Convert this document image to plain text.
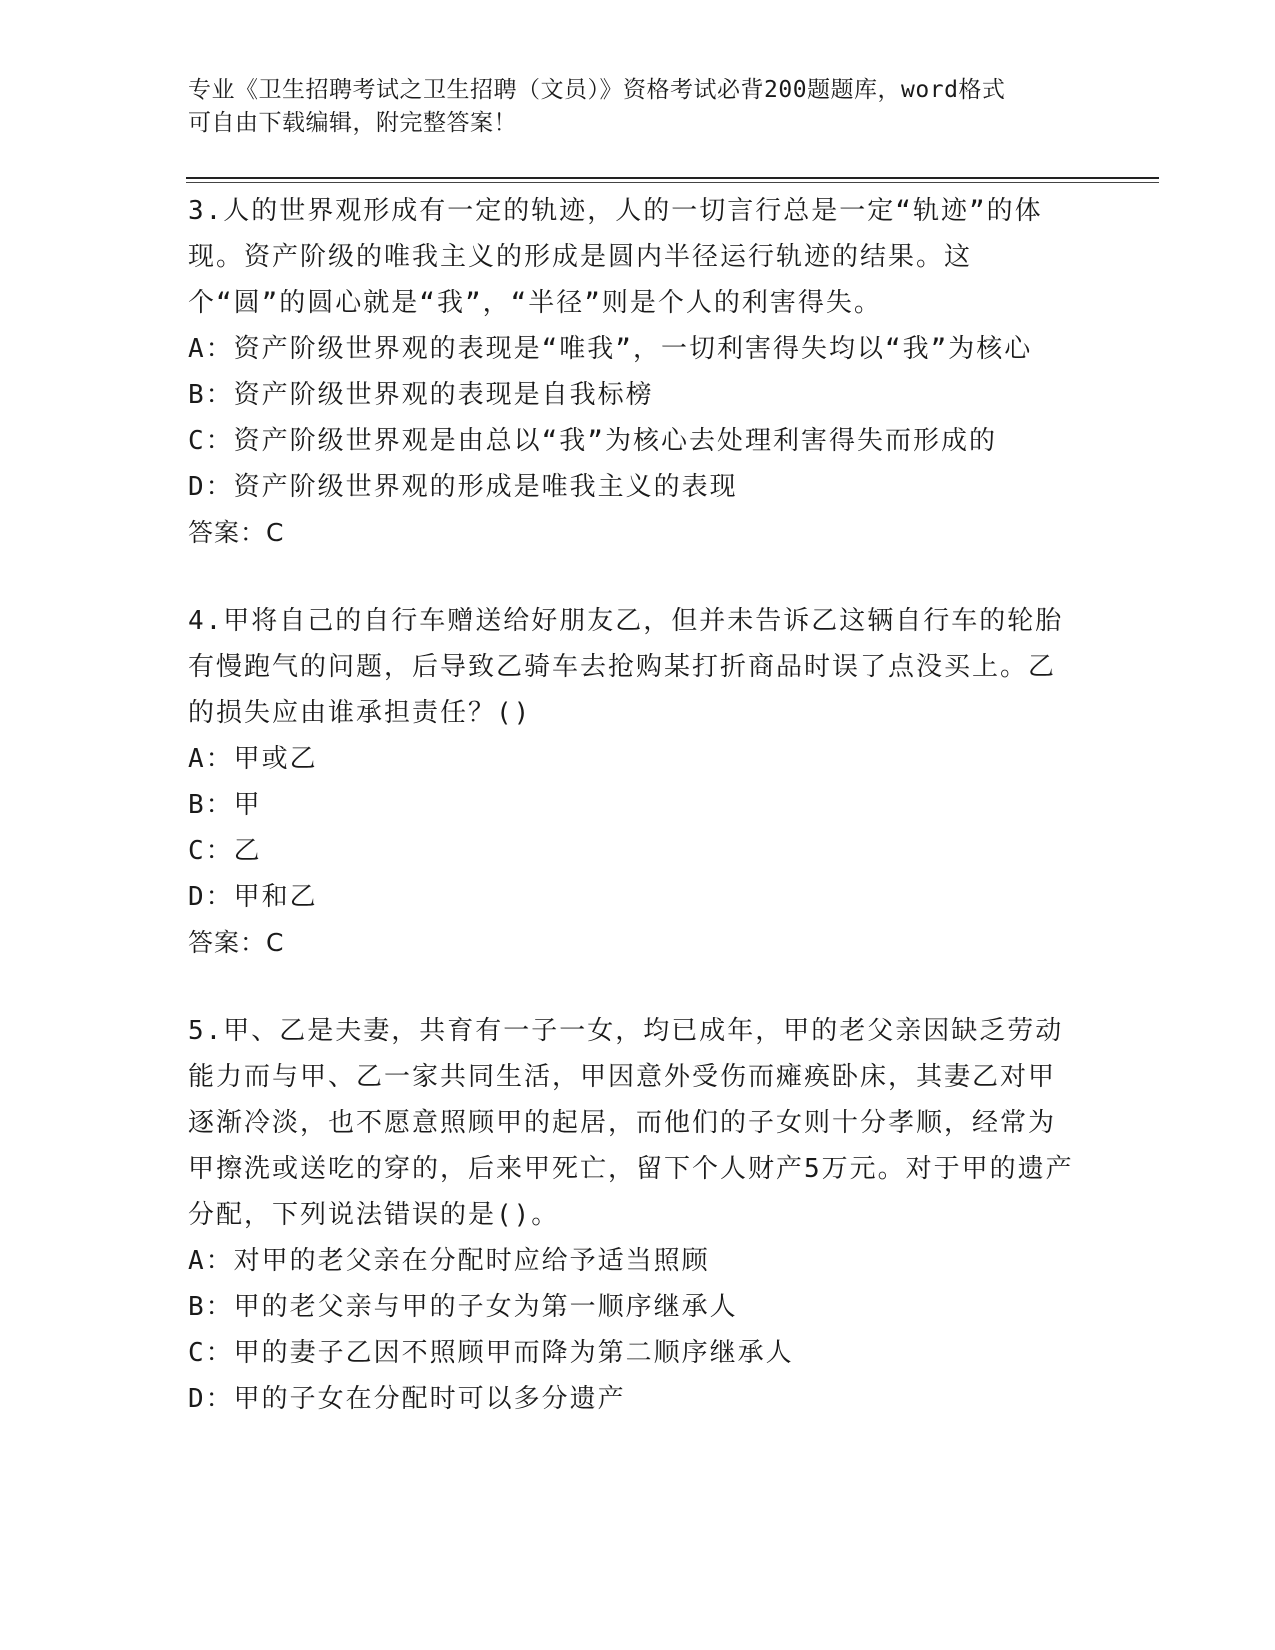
专业《卫生招聘考试之卫生招聘（文员）》资格考试必背200题题库，word格式
可自由下载编辑，附完整答案！
3.人的世界观形成有一定的轨迹，人的一切言行总是一定“轨迹”的体现。资产阶级的唯我主义的形成是圆内半径运行轨迹的结果。这个“圆”的圆心就是“我”，“半径”则是个人的利害得失。
A：资产阶级世界观的表现是“唯我”，一切利害得失均以“我”为核心
B：资产阶级世界观的表现是自我标榜
C：资产阶级世界观是由总以“我”为核心去处理利害得失而形成的
D：资产阶级世界观的形成是唯我主义的表现
答案：C
4.甲将自己的自行车赠送给好朋友乙，但并未告诉乙这辆自行车的轮胎有慢跑气的问题，后导致乙骑车去抢购某打折商品时误了点没买上。乙的损失应由谁承担责任？()
A：甲或乙
B：甲
C：乙
D：甲和乙
答案：C
5.甲、乙是夫妻，共育有一子一女，均已成年，甲的老父亲因缺乏劳动能力而与甲、乙一家共同生活，甲因意外受伤而瘫痪卧床，其妻乙对甲逐渐冷淡，也不愿意照顾甲的起居，而他们的子女则十分孝顺，经常为甲擦洗或送吃的穿的，后来甲死亡，留下个人财产5万元。对于甲的遗产分配，下列说法错误的是()。
A：对甲的老父亲在分配时应给予适当照顾
B：甲的老父亲与甲的子女为第一顺序继承人
C：甲的妻子乙因不照顾甲而降为第二顺序继承人
D：甲的子女在分配时可以多分遗产
